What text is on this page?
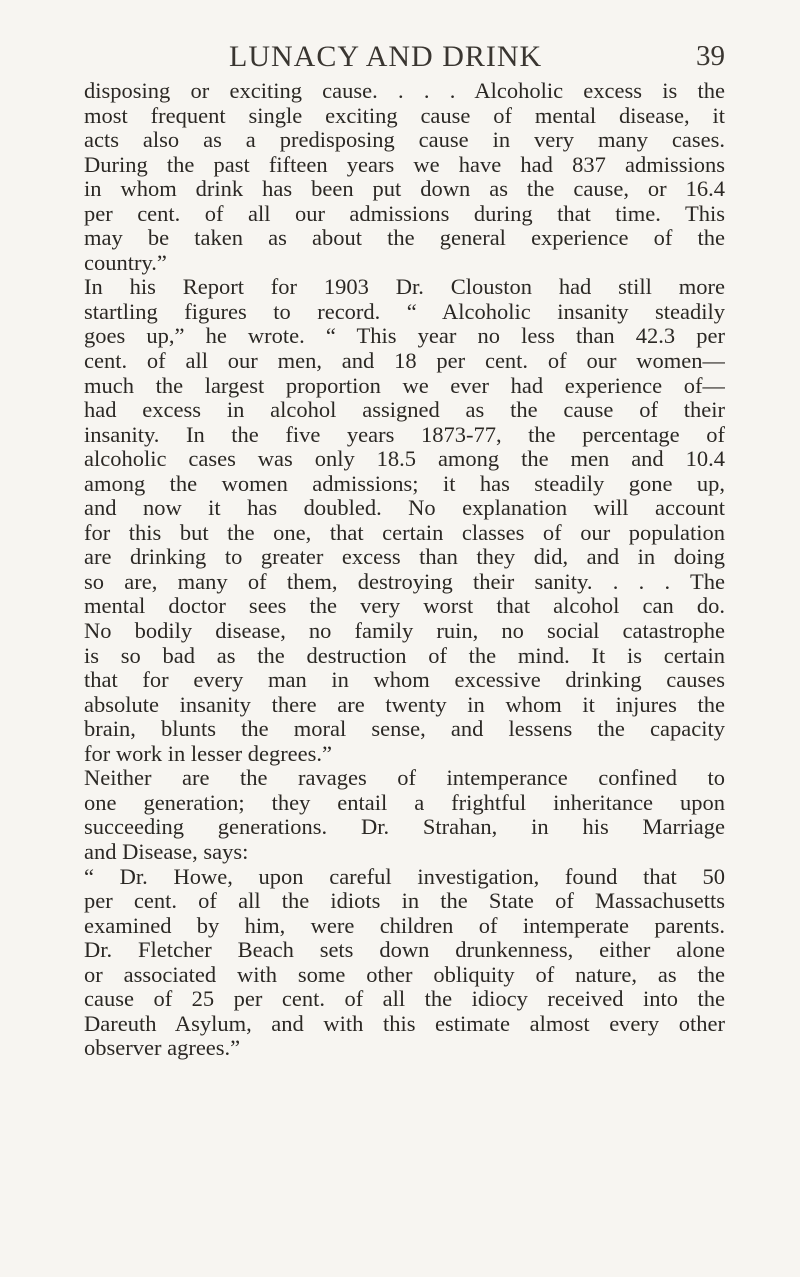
LUNACY AND DRINK	39
disposing or exciting cause. . . . Alcoholic excess is the
most frequent single exciting cause of mental disease, it
acts also as a predisposing cause in very many cases.
During the past fifteen years we have had 837 admissions
in whom drink has been put down as the cause, or 16.4
per cent. of all our admissions during that time. This
may be taken as about the general experience of the
country.”
In his Report for 1903 Dr. Clouston had still more
startling figures to record. “ Alcoholic insanity steadily
goes up,” he wrote. “ This year no less than 42.3 per
cent. of all our men, and 18 per cent. of our women—
much the largest proportion we ever had experience of—
had excess in alcohol assigned as the cause of their
insanity. In the five years 1873-77, the percentage of
alcoholic cases was only 18.5 among the men and 10.4
among the women admissions; it has steadily gone up,
and now it has doubled. No explanation will account
for this but the one, that certain classes of our population
are drinking to greater excess than they did, and in doing
so are, many of them, destroying their sanity. . . . The
mental doctor sees the very worst that alcohol can do.
No bodily disease, no family ruin, no social catastrophe
is so bad as the destruction of the mind. It is certain
that for every man in whom excessive drinking causes
absolute insanity there are twenty in whom it injures the
brain, blunts the moral sense, and lessens the capacity
for work in lesser degrees.”
Neither are the ravages of intemperance confined to
one generation; they entail a frightful inheritance upon
succeeding generations. Dr. Strahan, in his Marriage
and Disease, says:
“ Dr. Howe, upon careful investigation, found that 50
per cent. of all the idiots in the State of Massachusetts
examined by him, were children of intemperate parents.
Dr. Fletcher Beach sets down drunkenness, either alone
or associated with some other obliquity of nature, as the
cause of 25 per cent. of all the idiocy received into the
Dareuth Asylum, and with this estimate almost every other
observer agrees.”
